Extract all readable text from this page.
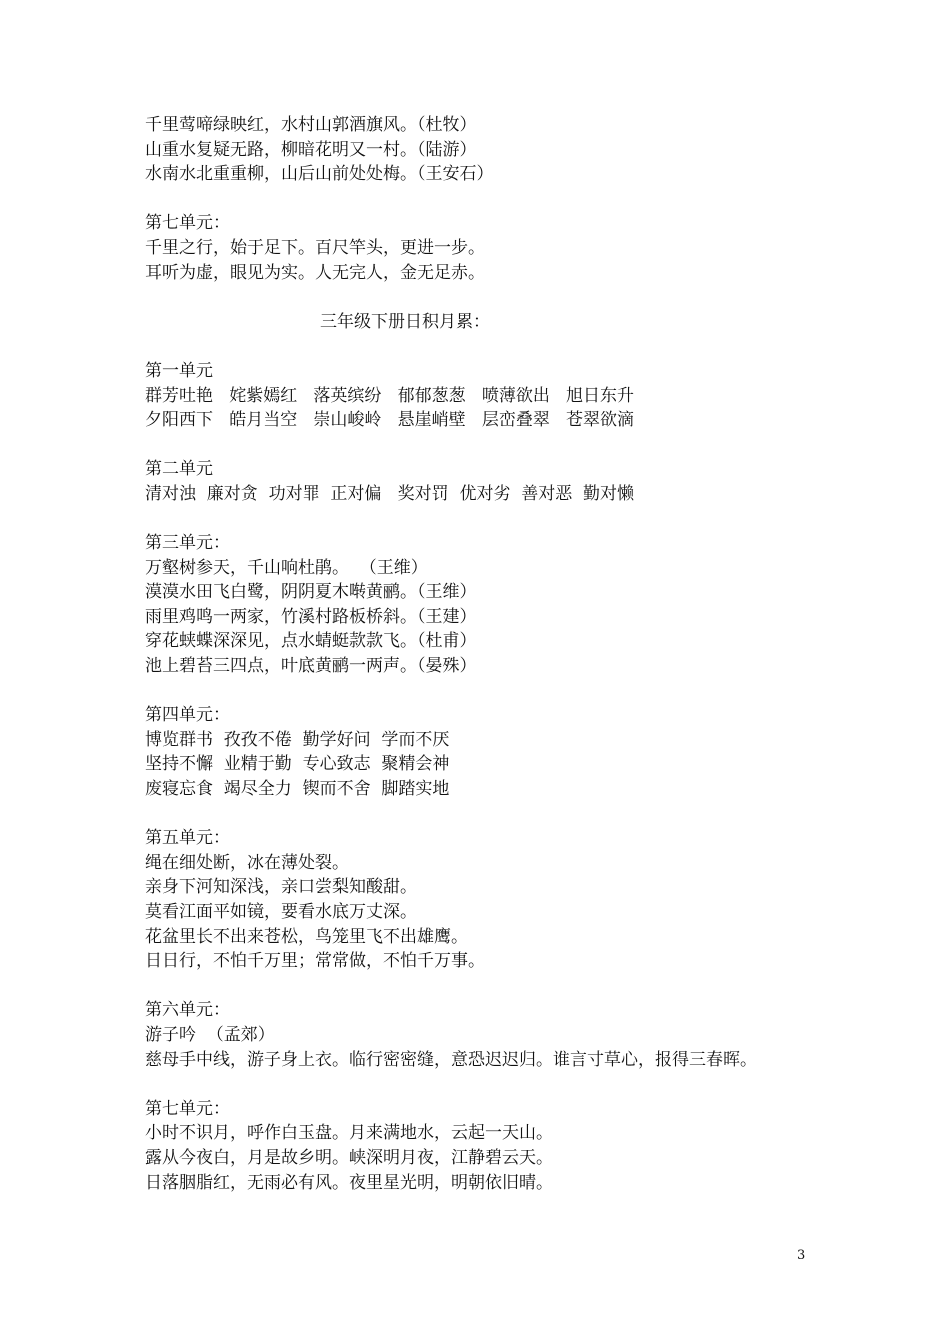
千里莺啼绿映红，水村山郭酒旗风。（杜牧）
山重水复疑无路，柳暗花明又一村。（陆游）
水南水北重重柳，山后山前处处梅。（王安石）
第七单元：
千里之行，始于足下。百尺竿头，更进一步。
耳听为虚，眼见为实。人无完人，金无足赤。
三年级下册日积月累：
第一单元
群芳吐艳   姹紫嫣红   落英缤纷   郁郁葱葱   喷薄欲出   旭日东升
夕阳西下   皓月当空   崇山峻岭   悬崖峭壁   层峦叠翠   苍翠欲滴
第二单元
清对浊  廉对贪  功对罪  正对偏   奖对罚  优对劣  善对恶  勤对懒
第三单元：
万壑树参天，千山响杜鹃。  （王维）
漠漠水田飞白鹭，阴阴夏木啭黄鹂。（王维）
雨里鸡鸣一两家，竹溪村路板桥斜。（王建）
穿花蛱蝶深深见，点水蜻蜓款款飞。（杜甫）
池上碧苔三四点，叶底黄鹂一两声。（晏殊）
第四单元：
博览群书  孜孜不倦  勤学好问  学而不厌
坚持不懈  业精于勤  专心致志  聚精会神
废寝忘食  竭尽全力  锲而不舍  脚踏实地
第五单元：
绳在细处断，冰在薄处裂。
亲身下河知深浅，亲口尝梨知酸甜。
莫看江面平如镜，要看水底万丈深。
花盆里长不出来苍松，鸟笼里飞不出雄鹰。
日日行，不怕千万里；常常做，不怕千万事。
第六单元：
游子吟  （孟郊）
慈母手中线，游子身上衣。临行密密缝，意恐迟迟归。谁言寸草心，报得三春晖。
第七单元：
小时不识月，呼作白玉盘。月来满地水，云起一天山。
露从今夜白，月是故乡明。峡深明月夜，江静碧云天。
日落胭脂红，无雨必有风。夜里星光明，明朝依旧晴。
3
